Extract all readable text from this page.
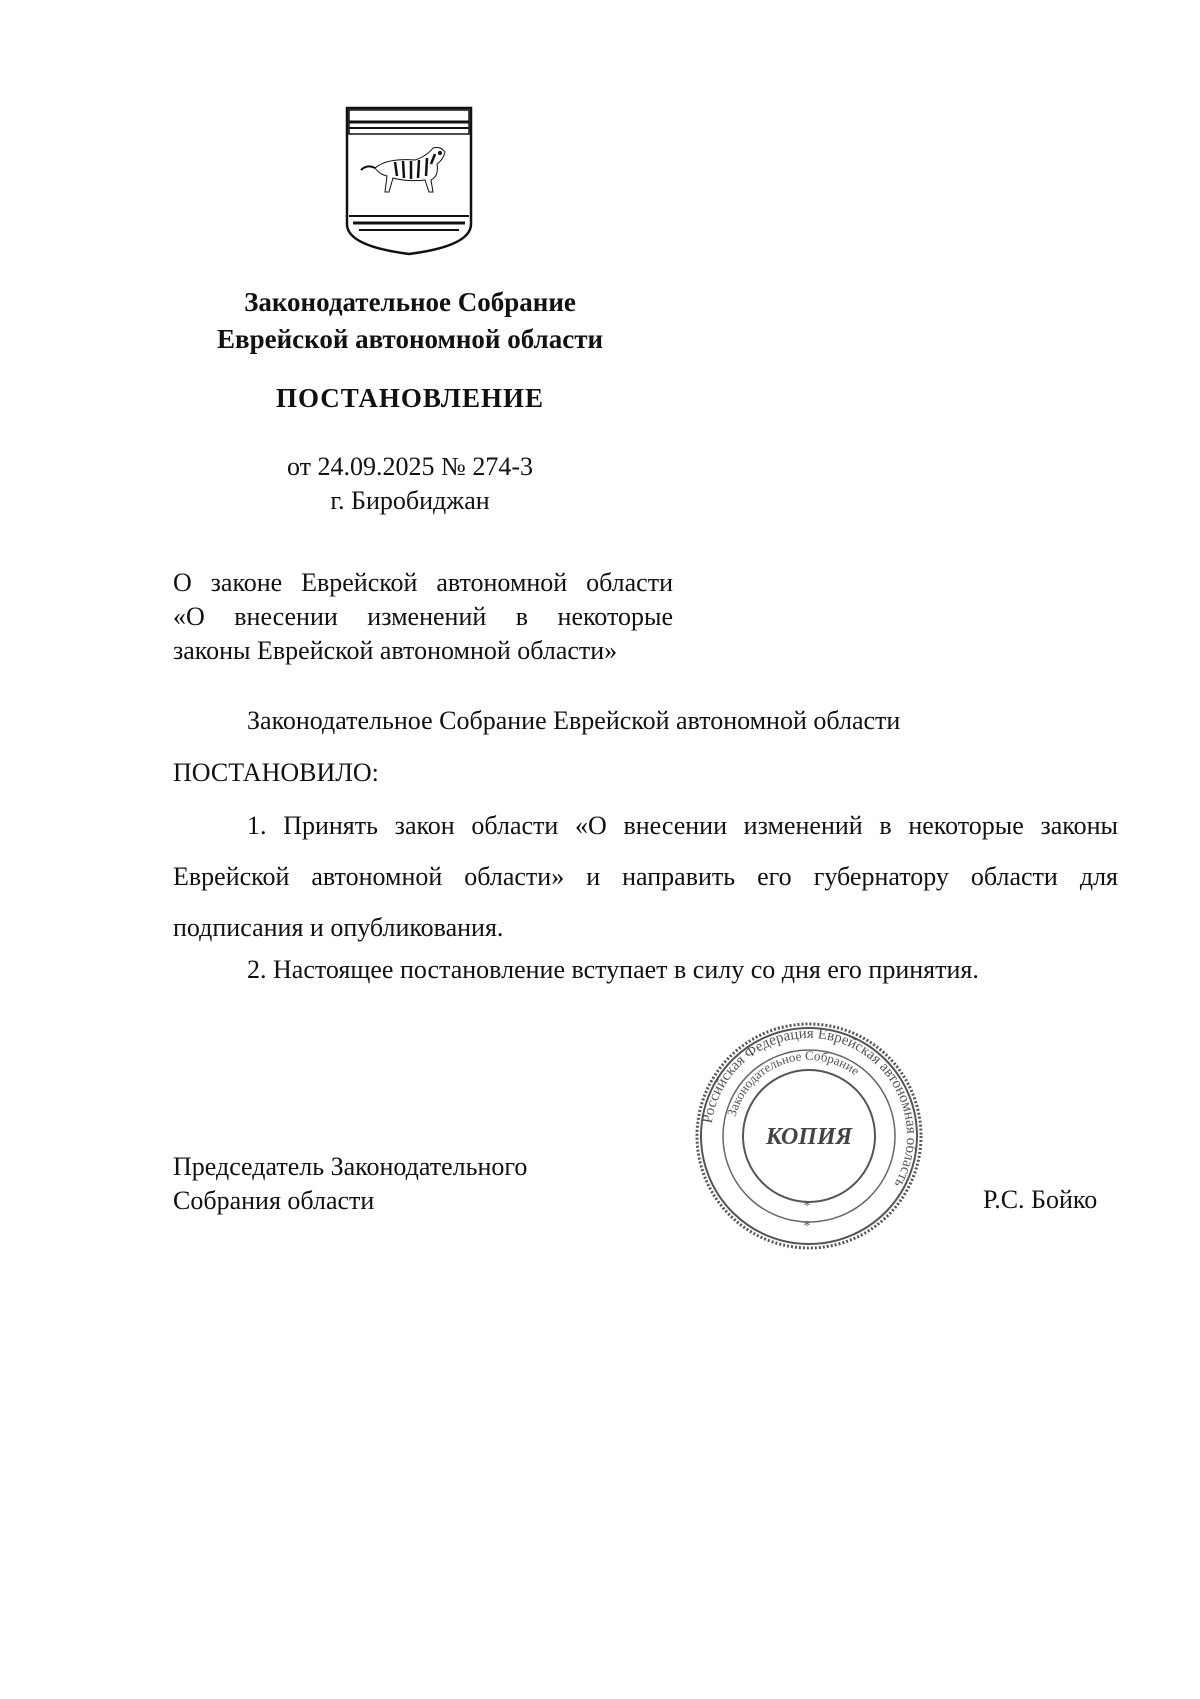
Законодательное Собрание
Еврейской автономной области
ПОСТАНОВЛЕНИЕ
от 24.09.2025 № 274-3
г. Биробиджан
О законе Еврейской автономной области
«О внесении изменений в некоторые
законы Еврейской автономной области»
Законодательное Собрание Еврейской автономной области
ПОСТАНОВИЛО:
1. Принять закон области «О внесении изменений в некоторые законы
Еврейской автономной области» и направить его губернатору области для
подписания и опубликования.
2. Настоящее постановление вступает в силу со дня его принятия.
Российская Федерация Еврейская автономная область
Законодательное Собрание
КОПИЯ
*
*
Председатель Законодательного
Собрания области	Р.С. Бойко
